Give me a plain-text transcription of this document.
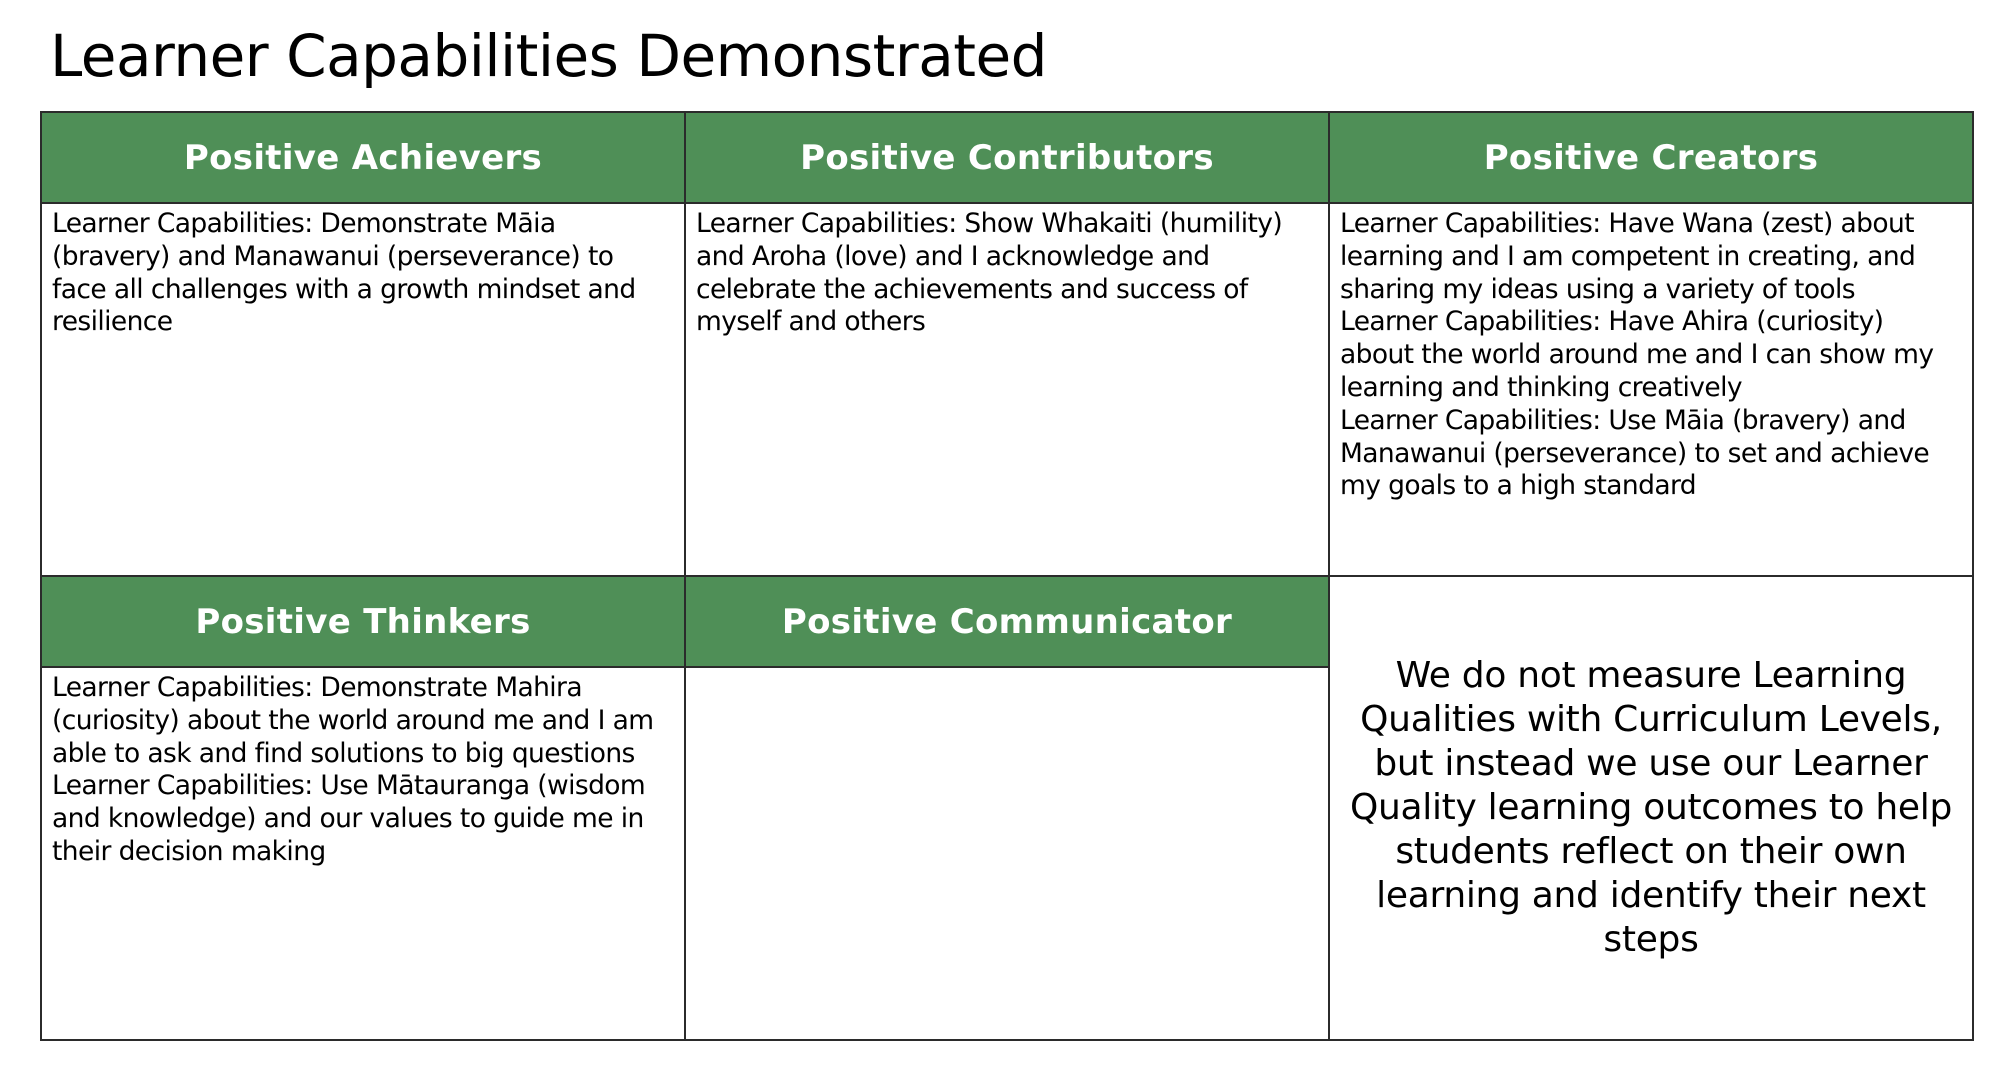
Learner Capabilities Demonstrated
Positive Achievers

Learner Capabilities: Demonstrate Māia (bravery) and Manawanui (perseverance) to face all challenges with a growth mindset and resilience

Positive Contributors

Learner Capabilities: Show Whakaiti (humility) and Aroha (love) and I acknowledge and celebrate the achievements and success of myself and others

Positive Creators

Learner Capabilities: Have Wana (zest) about learning and I am competent in creating, and sharing my ideas using a variety of tools

Learner Capabilities: Have Ahira (curiosity) about the world around me and I can show my learning and thinking creatively

Learner Capabilities: Use Māia (bravery) and Manawanui (perseverance) to set and achieve my goals to a high standard

Positive Thinkers

Learner Capabilities: Demonstrate Mahira (curiosity) about the world around me and I am able to ask and find solutions to big questions

Learner Capabilities: Use Mātauranga (wisdom and knowledge) and our values to guide me in their decision making

Positive Communicator

We do not measure Learning Qualities with Curriculum Levels, but instead we use our Learner Quality learning outcomes to help students reflect on their own learning and identify their next steps
